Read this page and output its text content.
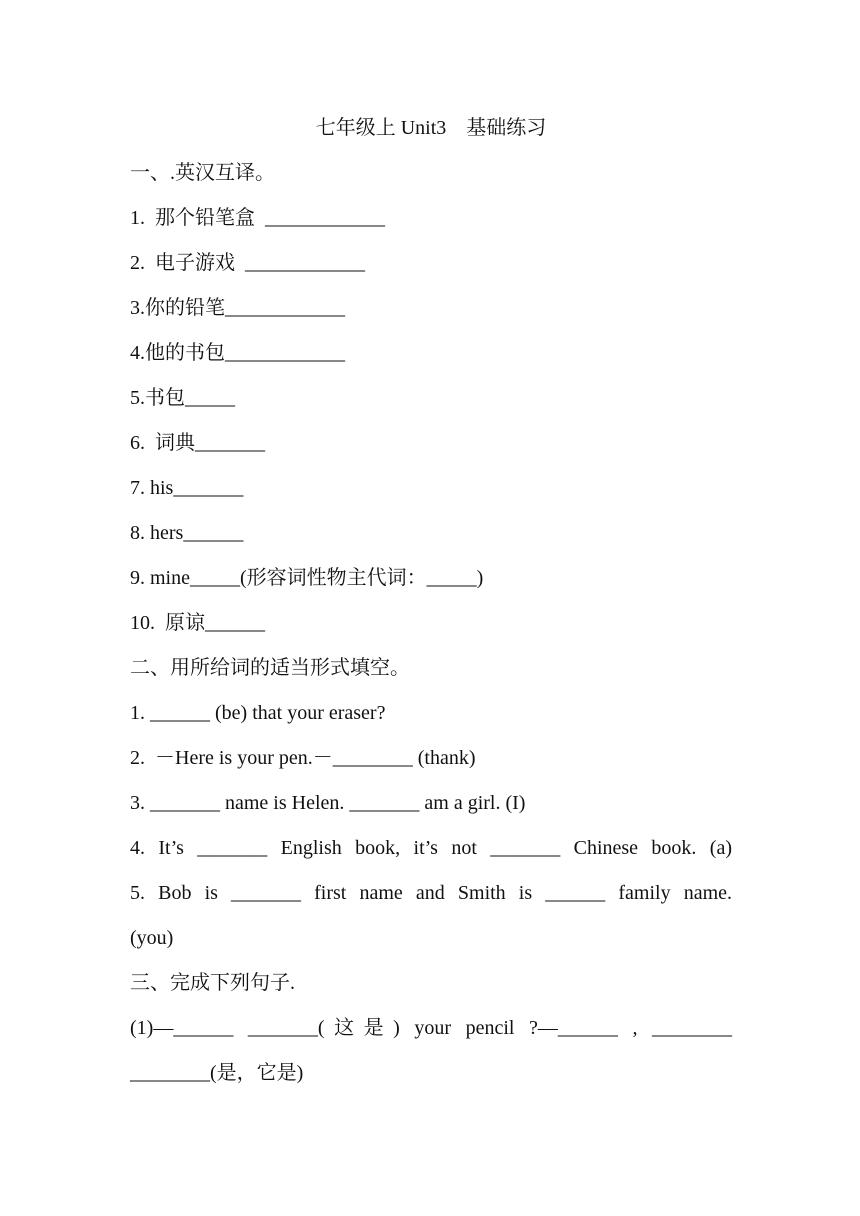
七年级上 Unit3　基础练习
一、.英汉互译。
1.  那个铅笔盒  ____________
2.  电子游戏  ____________
3.你的铅笔____________
4.他的书包____________
5.书包_____
6.  词典_______
7. his_______
8. hers______
9. mine_____(形容词性物主代词：_____)
10.  原谅______
二、用所给词的适当形式填空。
1. ______ (be) that your eraser?
2.  －Here is your pen.－________ (thank)
3. _______ name is Helen. _______ am a girl. (I)
4. It’s _______ English book, it’s not _______ Chinese book. (a)
5. Bob is _______ first name and Smith is ______ family name.
(you)
三、完成下列句子.
(1)—______ _______(这是) your pencil ?—______ , ________
________(是，它是)
